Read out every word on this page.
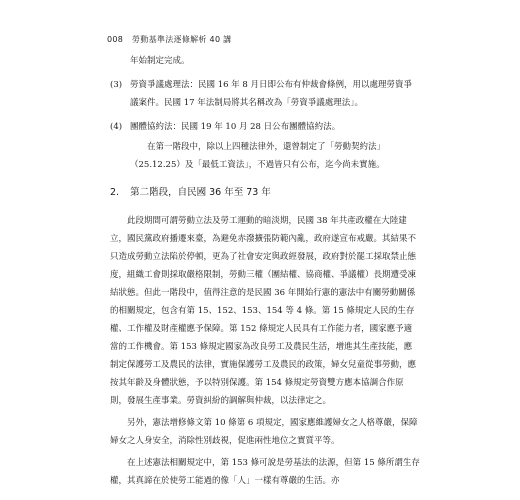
008 勞動基準法逐條解析 40 講

年始制定完成。

(3) 勞資爭議處理法：民國 16 年 8 月日即公布有仲裁會條例，用以處理勞資爭議案件。民國 17 年法制局將其名稱改為「勞資爭議處理法」。

(4) 團體協約法：民國 19 年 10 月 28 日公布團體協約法。

在第一階段中，除以上四種法律外，還曾制定了「勞動契約法」（25.12.25）及「最低工資法」，不過皆只有公布，迄今尚未實施。

2. 第二階段，自民國 36 年至 73 年

此段期間可謂勞動立法及勞工運動的暗淡期，民國 38 年共產政權在大陸建立，國民黨政府播遷來臺，為避免赤潑擴張防範內亂，政府遂宣布戒嚴。其結果不只造成勞動立法陷於停頓，更為了社會安定與政經發展，政府對於罷工採取禁止態度，組織工會則採取嚴格限制，勞動三權（團結權、協商權、爭議權）長期遭受凍結狀態。但此一階段中，值得注意的是民國 36 年開始行憲的憲法中有關勞動關係的相關規定，包含有第 15、152、153、154 等 4 條。第 15 條規定人民的生存權、工作權及財產權應予保障。第 152 條規定人民具有工作能力者，國家應予適當的工作機會。第 153 條規定國家為改良勞工及農民生活，增進其生產技能，應制定保護勞工及農民的法律，實施保護勞工及農民的政策，婦女兒童從事勞動，應按其年齡及身體狀態，予以特別保護。第 154 條規定勞資雙方應本協調合作原則，發展生產事業。勞資糾紛的調解與仲裁，以法律定之。

另外，憲法增修條文第 10 條第 6 項規定，國家應維護婦女之人格尊嚴，保障婦女之人身安全，消除性別歧視，促進兩性地位之實質平等。

在上述憲法相關規定中，第 153 條可說是勞基法的法源，但第 15 條所謂生存權，其真諦在於使勞工能過的像「人」一樣有尊嚴的生活。亦
